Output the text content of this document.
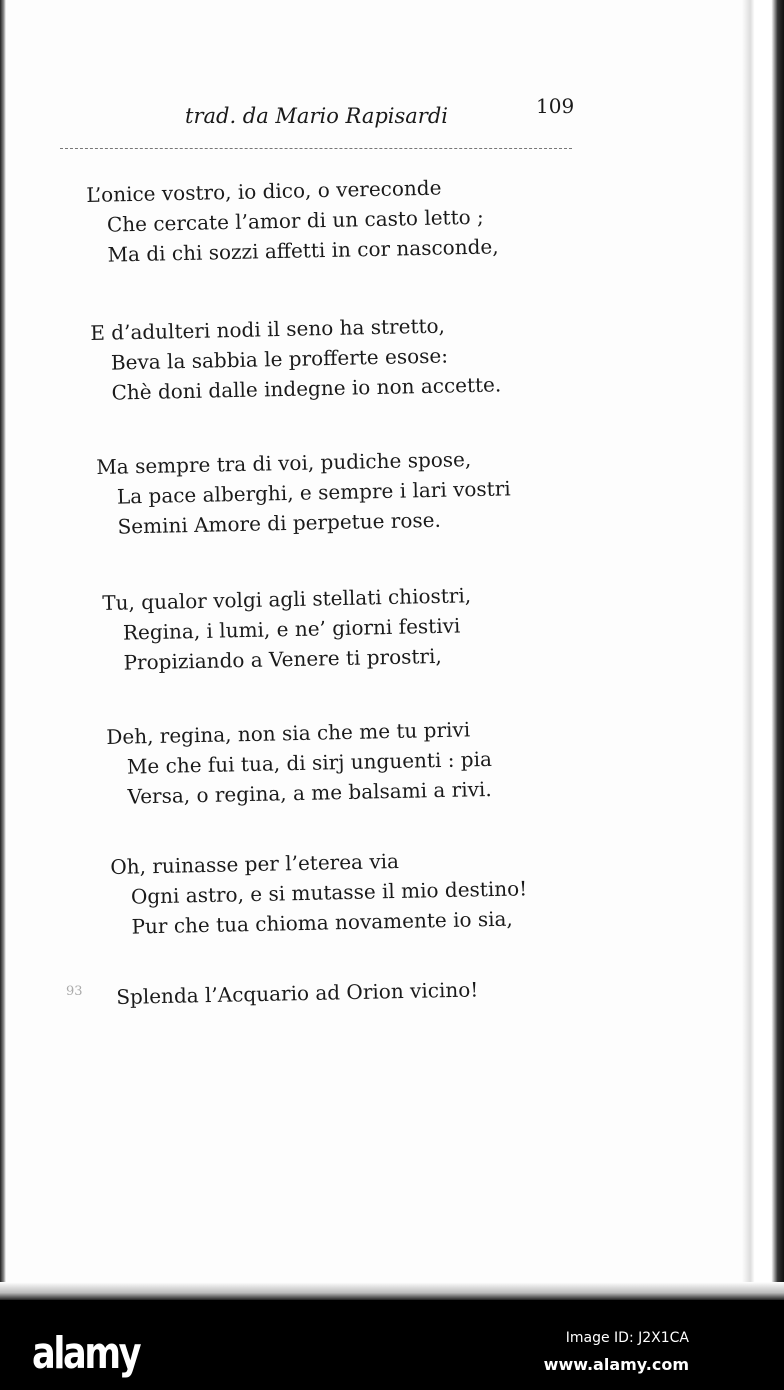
trad. da Mario Rapisardi	109
L’onice vostro, io dico, o vereconde
Che cercate l’amor di un casto letto ;
Ma di chi sozzi affetti in cor nasconde,
E d’adulteri nodi il seno ha stretto,
Beva la sabbia le profferte esose:
Chè doni dalle indegne io non accette.
Ma sempre tra di voi, pudiche spose,
La pace alberghi, e sempre i lari vostri
Semini Amore di perpetue rose.
Tu, qualor volgi agli stellati chiostri,
Regina, i lumi, e ne’ giorni festivi
Propiziando a Venere ti prostri,
Deh, regina, non sia che me tu privi
Me che fui tua, di sirj unguenti : pia
Versa, o regina, a me balsami a rivi.
Oh, ruinasse per l’eterea via
Ogni astro, e si mutasse il mio destino!
Pur che tua chioma novamente io sia,
93 Splenda l’Acquario ad Orion vicino!
alamy	Image ID: J2X1CA
www.alamy.com
